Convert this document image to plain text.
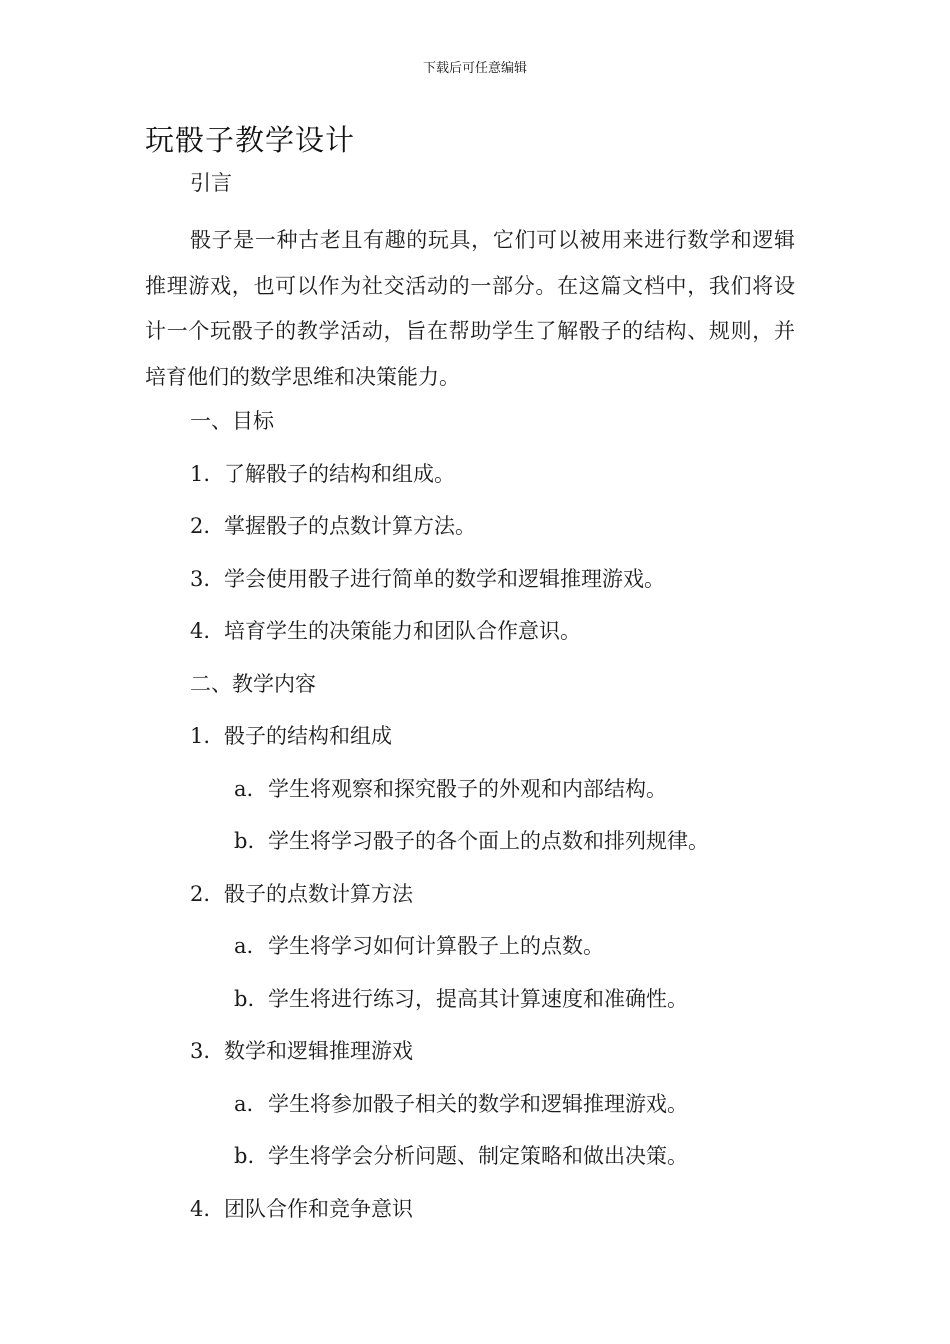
下载后可任意编辑
玩骰子教学设计
引言

骰子是一种古老且有趣的玩具，它们可以被用来进行数学和逻辑推理游戏，也可以作为社交活动的一部分。在这篇文档中，我们将设计一个玩骰子的教学活动，旨在帮助学生了解骰子的结构、规则，并培育他们的数学思维和决策能力。

一、目标
1. 了解骰子的结构和组成。
2. 掌握骰子的点数计算方法。
3. 学会使用骰子进行简单的数学和逻辑推理游戏。
4. 培育学生的决策能力和团队合作意识。
二、教学内容
1. 骰子的结构和组成
a. 学生将观察和探究骰子的外观和内部结构。
b. 学生将学习骰子的各个面上的点数和排列规律。
2. 骰子的点数计算方法
a. 学生将学习如何计算骰子上的点数。
b. 学生将进行练习，提高其计算速度和准确性。
3. 数学和逻辑推理游戏
a. 学生将参加骰子相关的数学和逻辑推理游戏。
b. 学生将学会分析问题、制定策略和做出决策。
4. 团队合作和竞争意识
